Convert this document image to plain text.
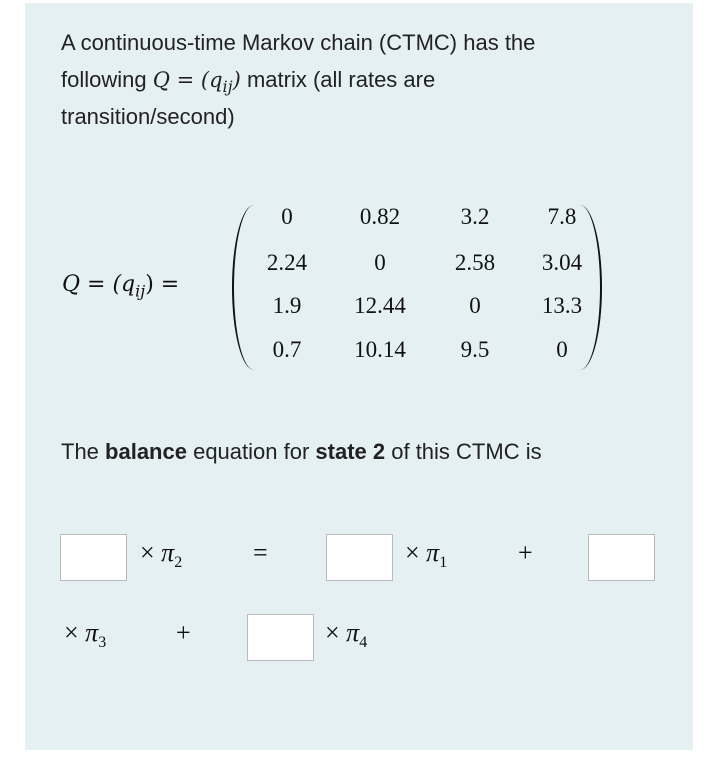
A continuous-time Markov chain (CTMC) has the
following $Q = (q_{ij})$ matrix (all rates are
transition/second)
$Q = (q_{ij})$ =
0	0.82	3.2	7.8
2.24	0	2.58	3.04
1.9	12.44	0	13.3
0.7	10.14	9.5	0
The balance equation for state 2 of this CTMC is
× $\pi_2$	=	× $\pi_1$	+
× $\pi_3$	+	× $\pi_4$
